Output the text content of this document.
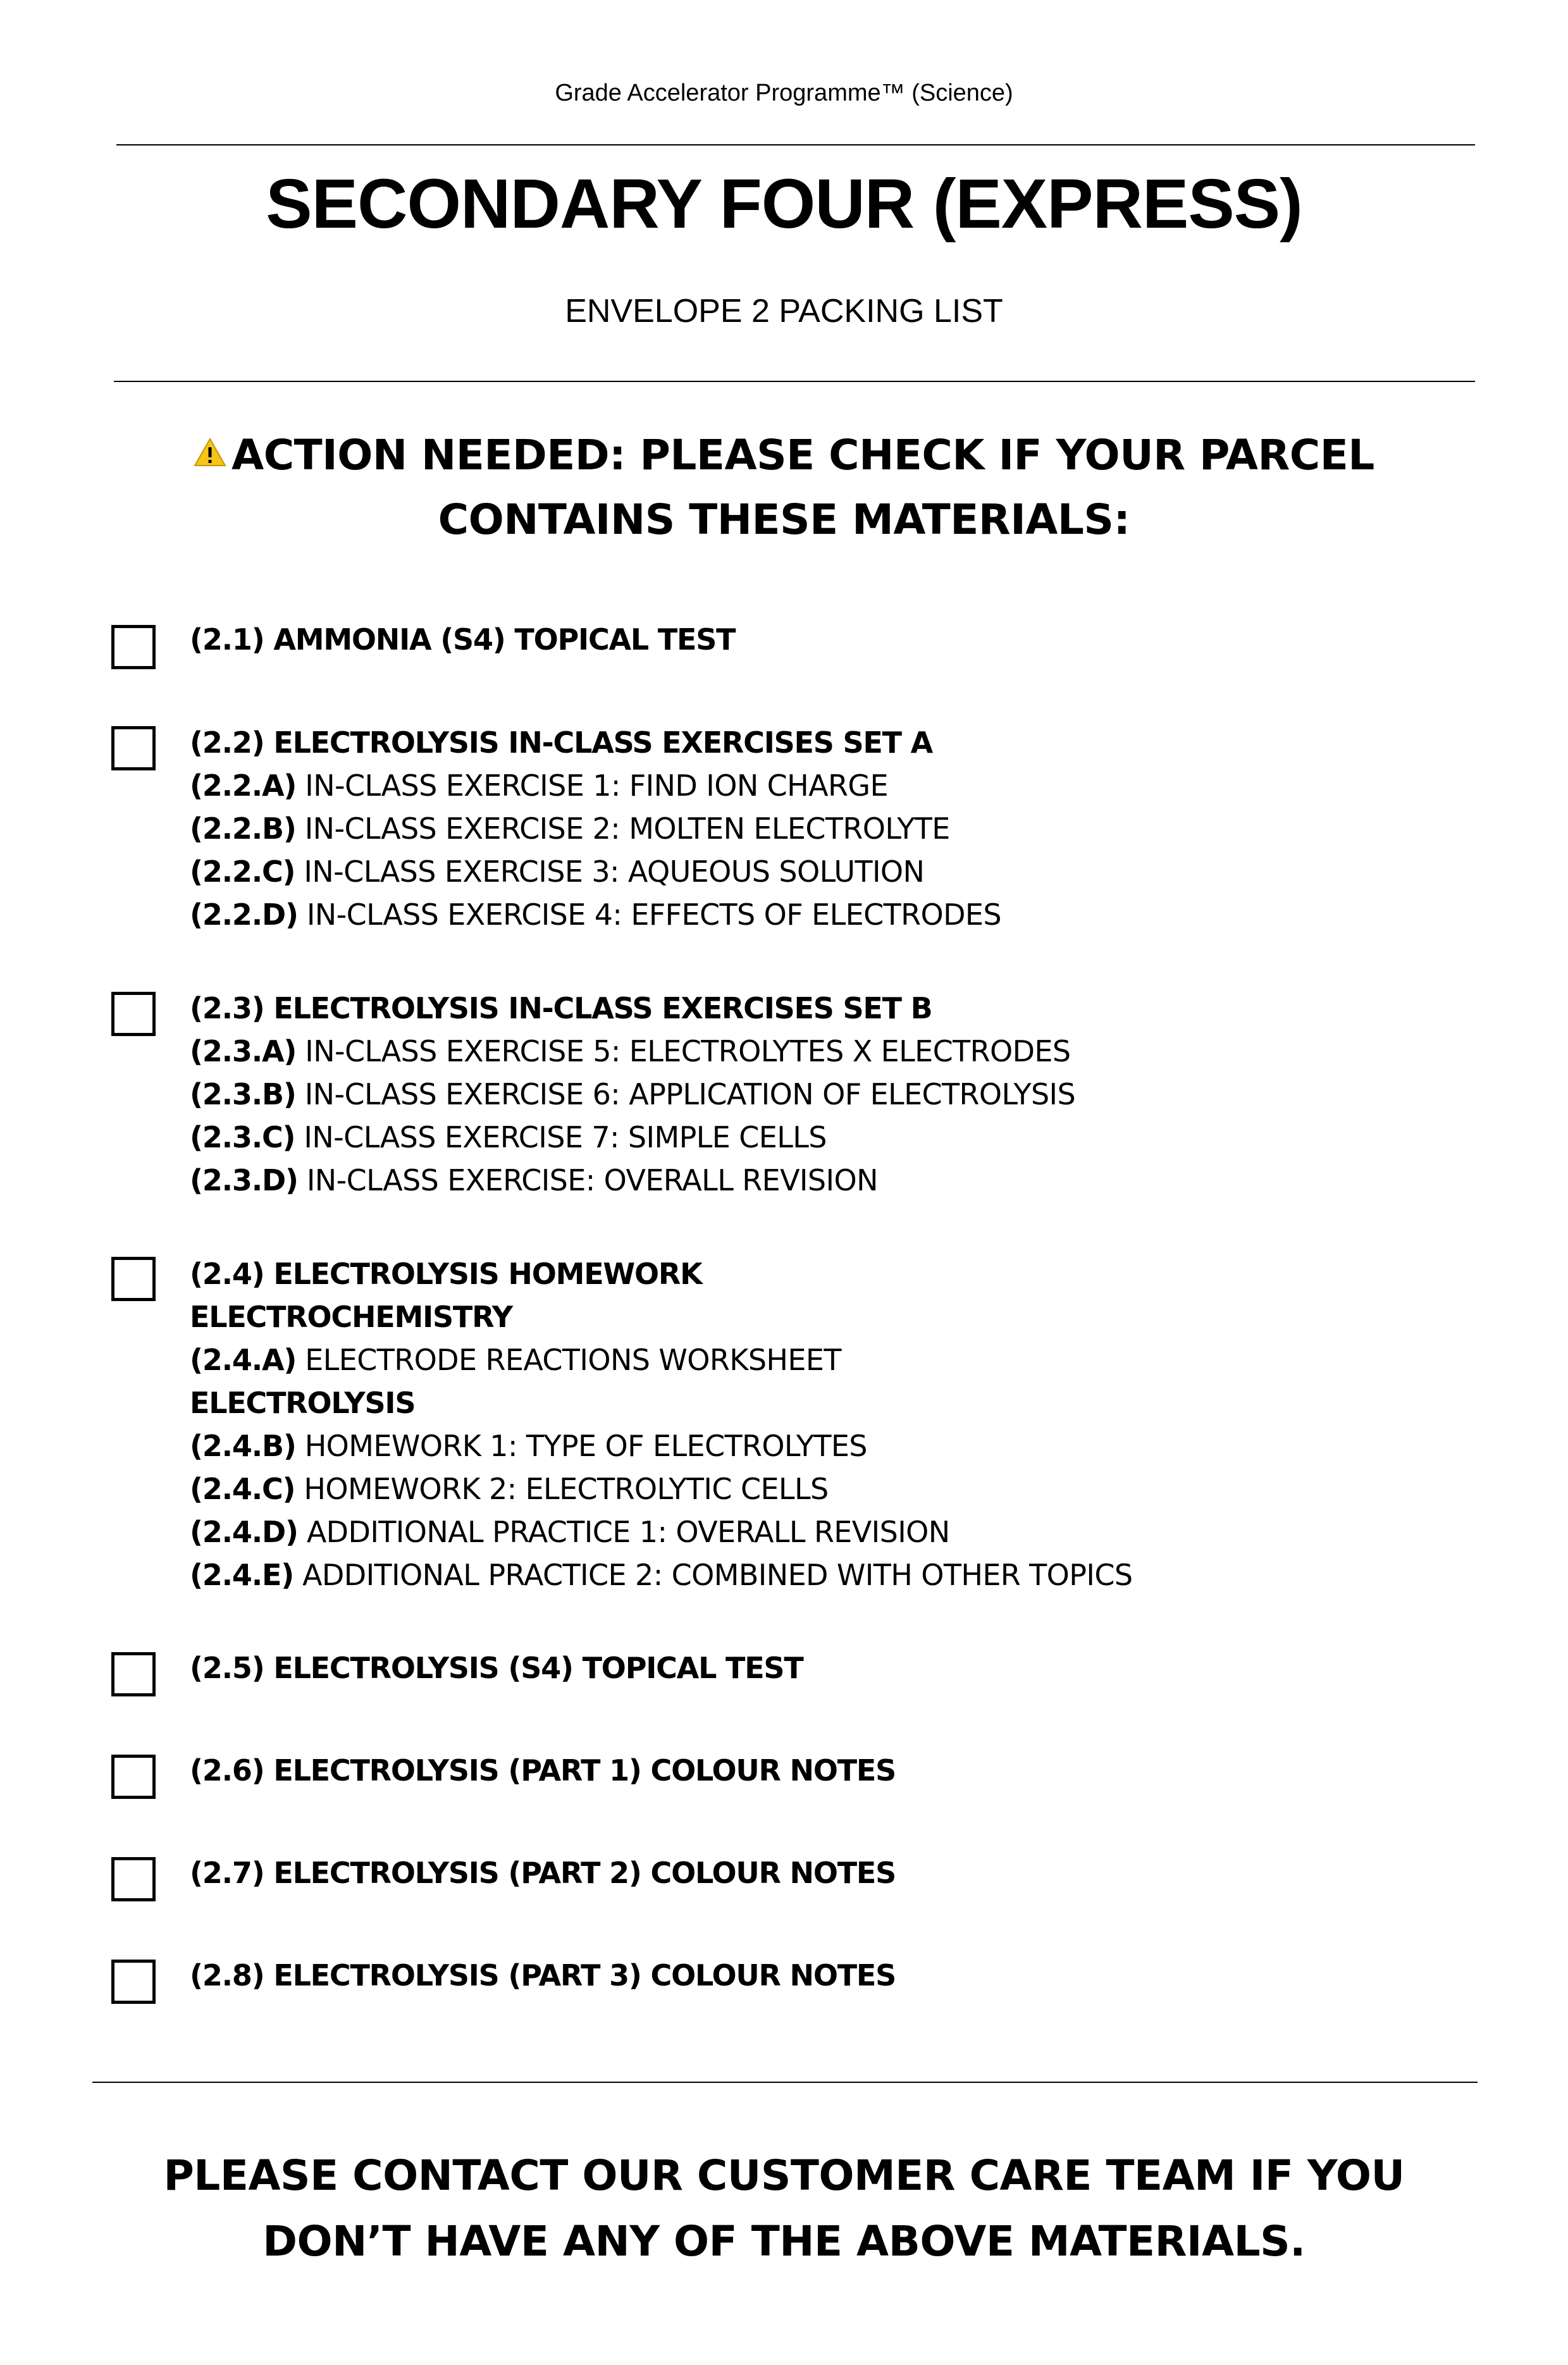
Grade Accelerator Programme™ (Science)
SECONDARY FOUR (EXPRESS)
ENVELOPE 2 PACKING LIST
ACTION NEEDED: PLEASE CHECK IF YOUR PARCEL
CONTAINS THESE MATERIALS:
(2.1) AMMONIA (S4) TOPICAL TEST
(2.2) ELECTROLYSIS IN-CLASS EXERCISES SET A
(2.2.A) IN-CLASS EXERCISE 1: FIND ION CHARGE
(2.2.B) IN-CLASS EXERCISE 2: MOLTEN ELECTROLYTE
(2.2.C) IN-CLASS EXERCISE 3: AQUEOUS SOLUTION
(2.2.D) IN-CLASS EXERCISE 4: EFFECTS OF ELECTRODES
(2.3) ELECTROLYSIS IN-CLASS EXERCISES SET B
(2.3.A) IN-CLASS EXERCISE 5: ELECTROLYTES X ELECTRODES
(2.3.B) IN-CLASS EXERCISE 6: APPLICATION OF ELECTROLYSIS
(2.3.C) IN-CLASS EXERCISE 7: SIMPLE CELLS
(2.3.D) IN-CLASS EXERCISE: OVERALL REVISION
(2.4) ELECTROLYSIS HOMEWORK
ELECTROCHEMISTRY
(2.4.A) ELECTRODE REACTIONS WORKSHEET
ELECTROLYSIS
(2.4.B) HOMEWORK 1: TYPE OF ELECTROLYTES
(2.4.C) HOMEWORK 2: ELECTROLYTIC CELLS
(2.4.D) ADDITIONAL PRACTICE 1: OVERALL REVISION
(2.4.E) ADDITIONAL PRACTICE 2: COMBINED WITH OTHER TOPICS
(2.5) ELECTROLYSIS (S4) TOPICAL TEST
(2.6) ELECTROLYSIS (PART 1) COLOUR NOTES
(2.7) ELECTROLYSIS (PART 2) COLOUR NOTES
(2.8) ELECTROLYSIS (PART 3) COLOUR NOTES
PLEASE CONTACT OUR CUSTOMER CARE TEAM IF YOU
DON’T HAVE ANY OF THE ABOVE MATERIALS.
